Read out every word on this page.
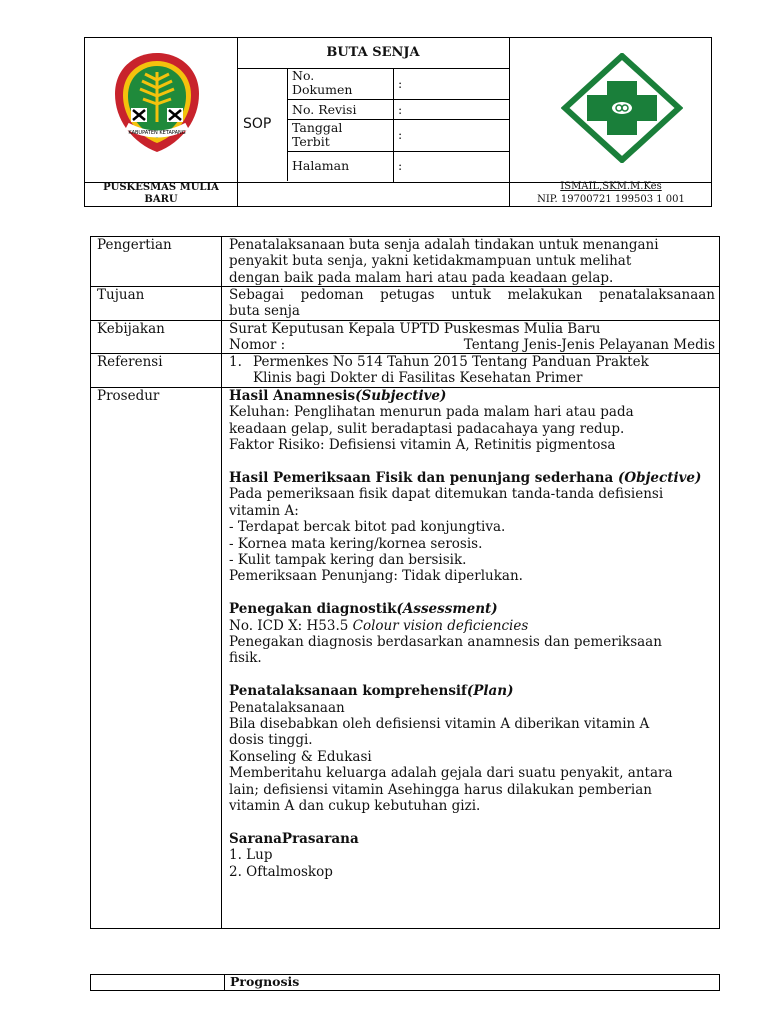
KABUPATEN KETAPANG
BUTA SENJA
SOP
No.
Dokumen	:
No. Revisi	:
Tanggal
Terbit	:
Halaman	:
PUSKESMAS MULIA BARU
ISMAIL,SKM.M.Kes
NIP. 19700721 199503 1 001
Pengertian	Penatalaksanaan buta senja adalah tindakan untuk menangani

penyakit buta senja, yakni ketidakmampuan untuk melihat

dengan baik pada malam hari atau pada keadaan gelap.

Tujuan	Sebagai pedoman petugas untuk melakukan penatalaksanaan

buta senja

Kebijakan	Surat Keputusan Kepala UPTD Puskesmas Mulia Baru

Nomor :	Tentang Jenis-Jenis Pelayanan Medis

Referensi	1. Permenkes No 514 Tahun 2015 Tentang Panduan Praktek

Klinis bagi Dokter di Fasilitas Kesehatan Primer

Prosedur	Hasil Anamnesis(Subjective)

Keluhan: Penglihatan menurun pada malam hari atau pada

keadaan gelap, sulit beradaptasi padacahaya yang redup.

Faktor Risiko: Defisiensi vitamin A, Retinitis pigmentosa

Hasil Pemeriksaan Fisik dan penunjang sederhana (Objective)

Pada pemeriksaan fisik dapat ditemukan tanda-tanda defisiensi

vitamin A:

- Terdapat bercak bitot pad konjungtiva.

- Kornea mata kering/kornea serosis.

- Kulit tampak kering dan bersisik.

Pemeriksaan Penunjang: Tidak diperlukan.

Penegakan diagnostik(Assessment)

No. ICD X: H53.5 Colour vision deficiencies

Penegakan diagnosis berdasarkan anamnesis dan pemeriksaan

fisik.

Penatalaksanaan komprehensif(Plan)

Penatalaksanaan

Bila disebabkan oleh defisiensi vitamin A diberikan vitamin A

dosis tinggi.

Konseling & Edukasi

Memberitahu keluarga adalah gejala dari suatu penyakit, antara

lain; defisiensi vitamin Asehingga harus dilakukan pemberian

vitamin A dan cukup kebutuhan gizi.

SaranaPrasarana

1. Lup

2. Oftalmoskop

Prognosis
